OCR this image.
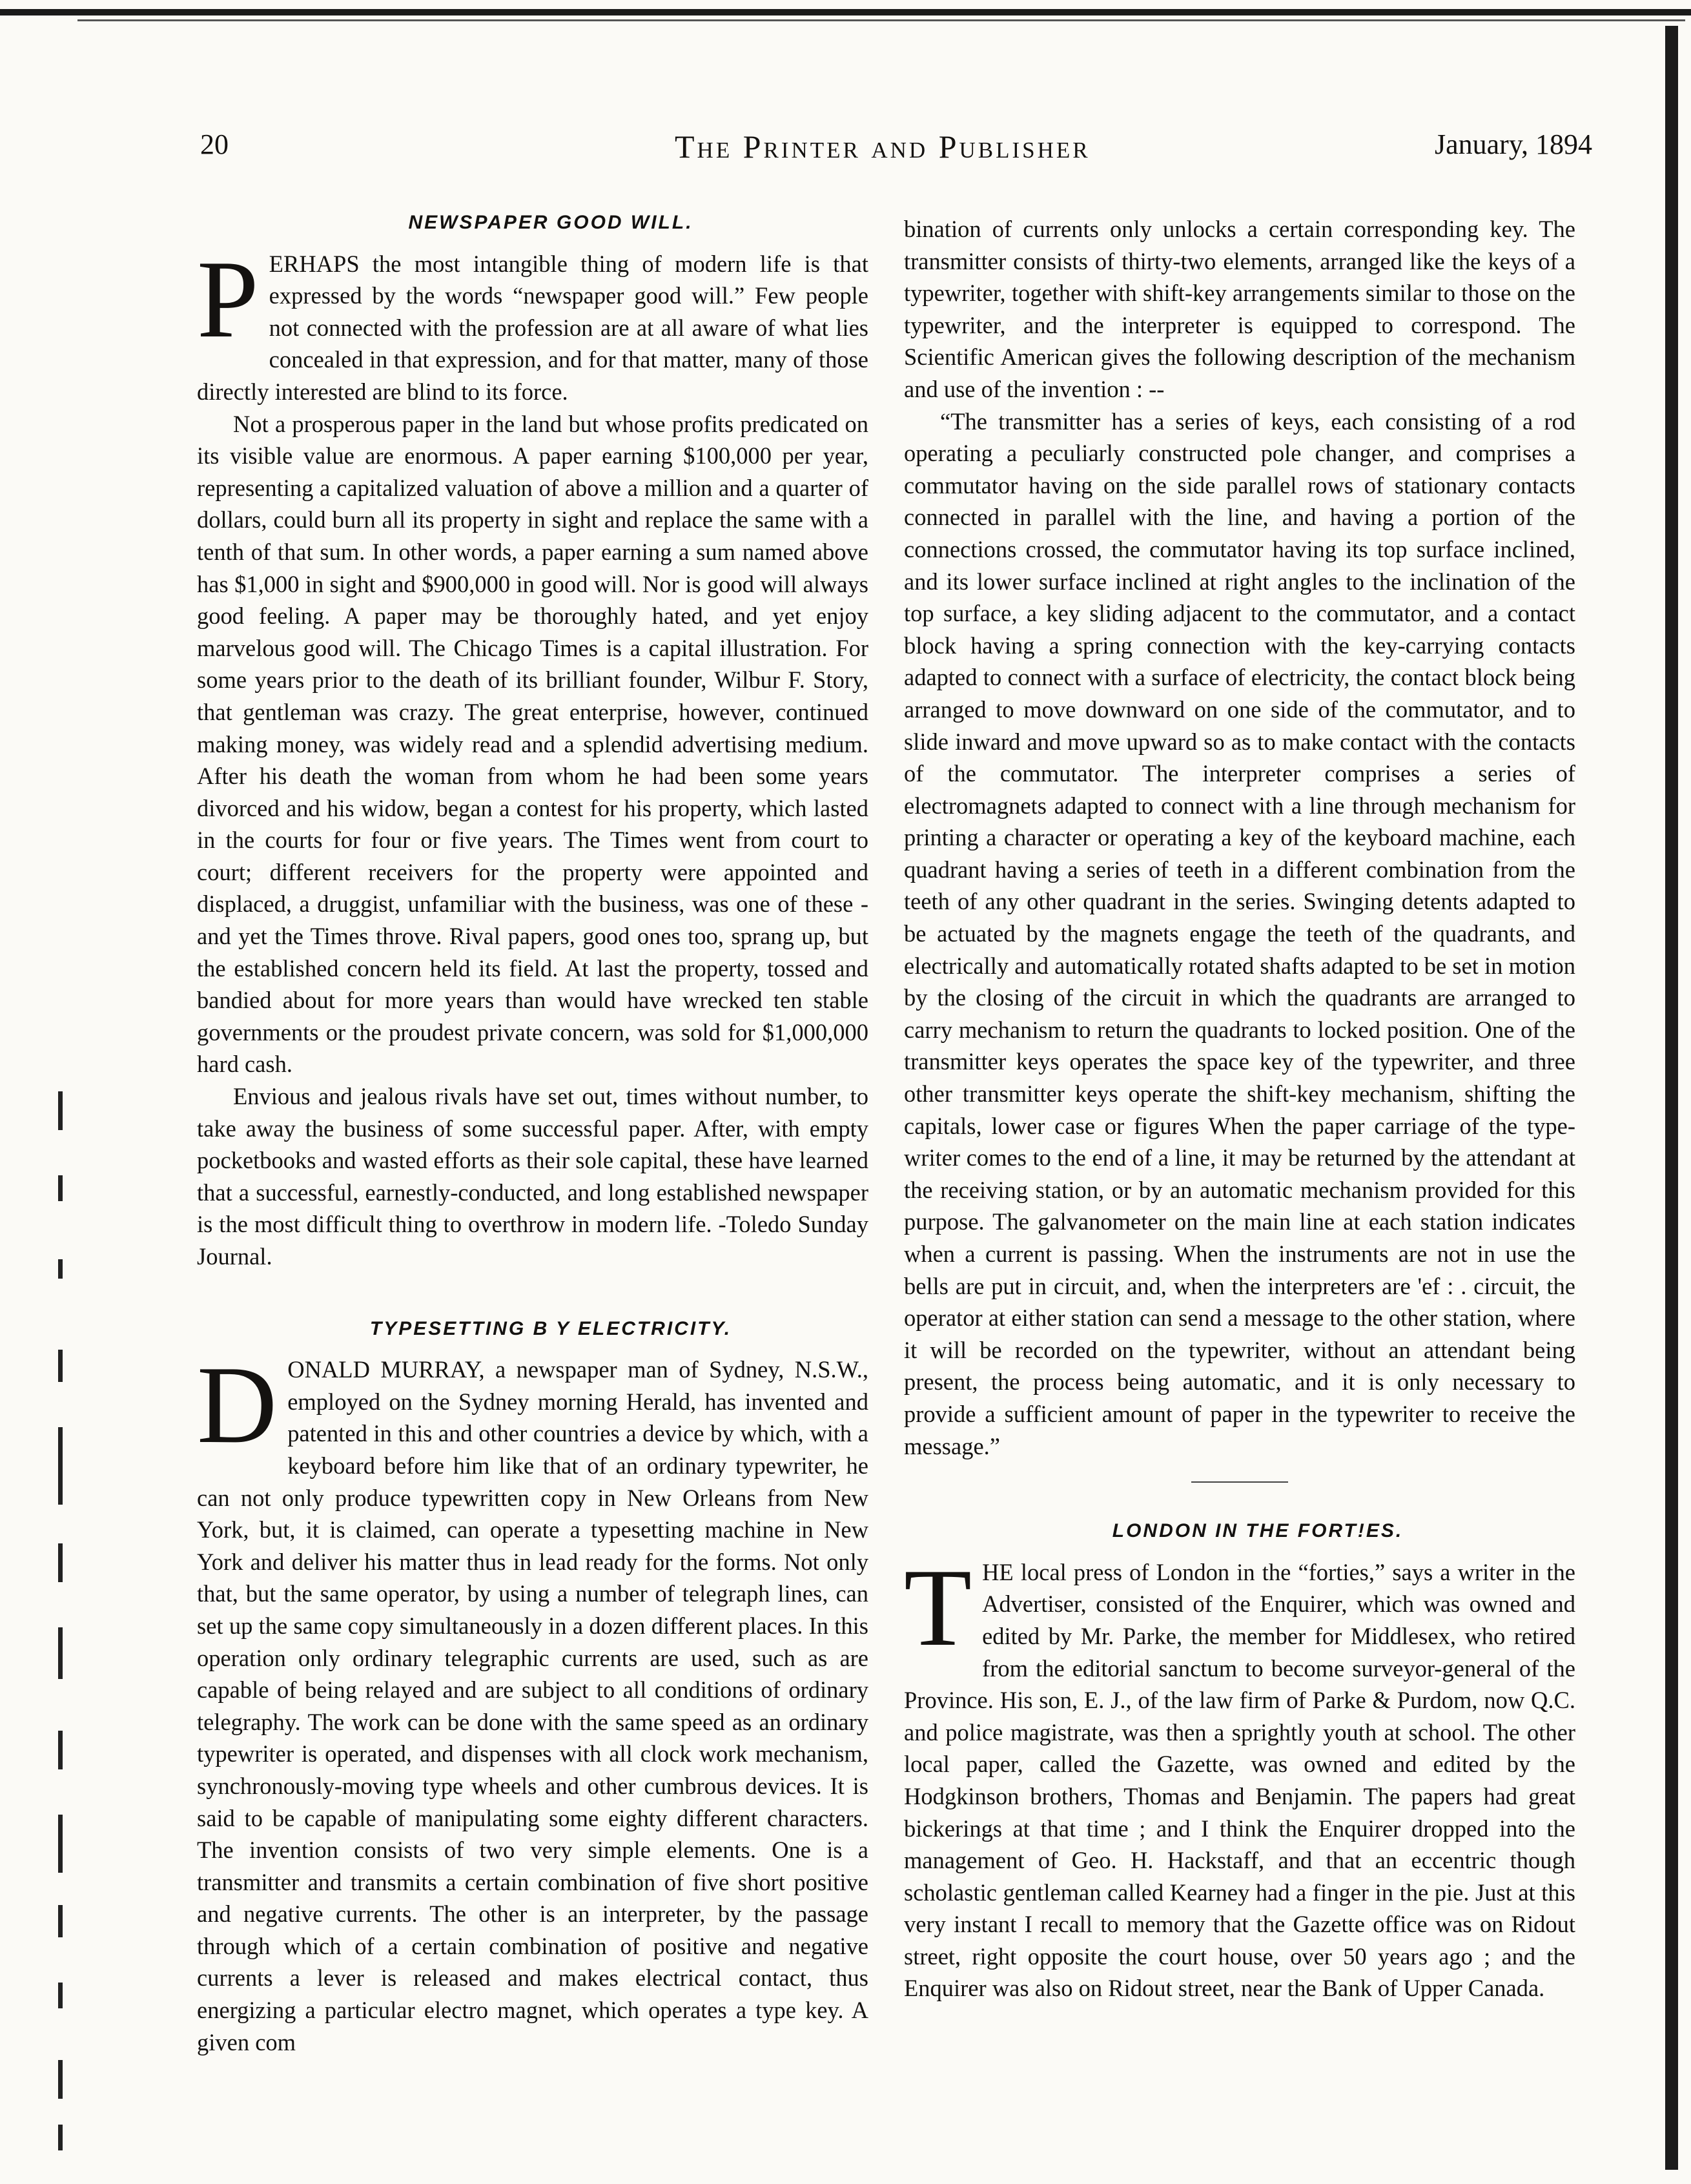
20	The Printer and Publisher	January, 1894

NEWSPAPER GOOD WILL.

PERHAPS the most intangible thing of modern life is that expressed by the words “newspaper good will.” Few people not connected with the profession are at all aware of what lies concealed in that expression, and for that matter, many of those directly interested are blind to its force.

Not a prosperous paper in the land but whose profits predicated on its visible value are enormous. A paper earning $100,000 per year, representing a capitalized valuation of above a million and a quarter of dollars, could burn all its property in sight and replace the same with a tenth of that sum. In other words, a paper earning a sum named above has $1,000 in sight and $900,000 in good will. Nor is good will always good feeling. A paper may be thoroughly hated, and yet enjoy marvelous good will. The Chicago Times is a capital illustration. For some years prior to the death of its brilliant founder, Wilbur F. Story, that gentleman was crazy. The great enterprise, however, continued making money, was widely read and a splendid advertising medium. After his death the woman from whom he had been some years divorced and his widow, began a contest for his property, which lasted in the courts for four or five years. The Times went from court to court; different receivers for the property were appointed and displaced, a druggist, unfamiliar with the business, was one of these -and yet the Times throve. Rival papers, good ones too, sprang up, but the established concern held its field. At last the property, tossed and bandied about for more years than would have wrecked ten stable governments or the proudest private concern, was sold for $1,000,000 hard cash.

Envious and jealous rivals have set out, times without number, to take away the business of some successful paper. After, with empty pocketbooks and wasted efforts as their sole capital, these have learned that a successful, earnestly-conducted, and long established newspaper is the most difficult thing to overthrow in modern life. -Toledo Sunday Journal.

TYPESETTING B Y ELECTRICITY.

DONALD MURRAY, a newspaper man of Sydney, N.S.W., employed on the Sydney morning Herald, has invented and patented in this and other countries a device by which, with a keyboard before him like that of an ordinary typewriter, he can not only produce typewritten copy in New Orleans from New York, but, it is claimed, can operate a typesetting machine in New York and deliver his matter thus in lead ready for the forms. Not only that, but the same operator, by using a number of telegraph lines, can set up the same copy simultaneously in a dozen different places. In this operation only ordinary telegraphic currents are used, such as are capable of being relayed and are subject to all conditions of ordinary telegraphy. The work can be done with the same speed as an ordinary typewriter is operated, and dispenses with all clock work mechanism, synchronously-moving type wheels and other cumbrous devices. It is said to be capable of manipulating some eighty different characters. The invention consists of two very simple elements. One is a transmitter and transmits a certain combination of five short positive and negative currents. The other is an interpreter, by the passage through which of a certain combination of positive and negative currents a lever is released and makes electrical contact, thus energizing a particular electro magnet, which operates a type key. A given com

bination of currents only unlocks a certain corresponding key. The transmitter consists of thirty-two elements, arranged like the keys of a typewriter, together with shift-key arrangements similar to those on the typewriter, and the interpreter is equipped to correspond. The Scientific American gives the following description of the mechanism and use of the invention : --

“The transmitter has a series of keys, each consisting of a rod operating a peculiarly constructed pole changer, and comprises a commutator having on the side parallel rows of stationary contacts connected in parallel with the line, and having a portion of the connections crossed, the commutator having its top surface inclined, and its lower surface inclined at right angles to the inclination of the top surface, a key sliding adjacent to the commutator, and a contact block having a spring connection with the key-carrying contacts adapted to connect with a surface of electricity, the contact block being arranged to move downward on one side of the commutator, and to slide inward and move upward so as to make contact with the contacts of the commutator. The interpreter comprises a series of electromagnets adapted to connect with a line through mechanism for printing a character or operating a key of the keyboard machine, each quadrant having a series of teeth in a different combination from the teeth of any other quadrant in the series. Swinging detents adapted to be actuated by the magnets engage the teeth of the quadrants, and electrically and automatically rotated shafts adapted to be set in motion by the closing of the circuit in which the quadrants are arranged to carry mechanism to return the quadrants to locked position. One of the transmitter keys operates the space key of the typewriter, and three other transmitter keys operate the shift-key mechanism, shifting the capitals, lower case or figures When the paper carriage of the type-writer comes to the end of a line, it may be returned by the attendant at the receiving station, or by an automatic mechanism provided for this purpose. The galvanometer on the main line at each station indicates when a current is passing. When the instruments are not in use the bells are put in circuit, and, when the interpreters are 'ef : . circuit, the operator at either station can send a message to the other station, where it will be recorded on the typewriter, without an attendant being present, the process being automatic, and it is only necessary to provide a sufficient amount of paper in the typewriter to receive the message.”

LONDON IN THE FORT!ES.

THE local press of London in the “forties,” says a writer in the Advertiser, consisted of the Enquirer, which was owned and edited by Mr. Parke, the member for Middlesex, who retired from the editorial sanctum to become surveyor-general of the Province. His son, E. J., of the law firm of Parke & Purdom, now Q.C. and police magistrate, was then a sprightly youth at school. The other local paper, called the Gazette, was owned and edited by the Hodgkinson brothers, Thomas and Benjamin. The papers had great bickerings at that time ; and I think the Enquirer dropped into the management of Geo. H. Hackstaff, and that an eccentric though scholastic gentleman called Kearney had a finger in the pie. Just at this very instant I recall to memory that the Gazette office was on Ridout street, right opposite the court house, over 50 years ago ; and the Enquirer was also on Ridout street, near the Bank of Upper Canada.
